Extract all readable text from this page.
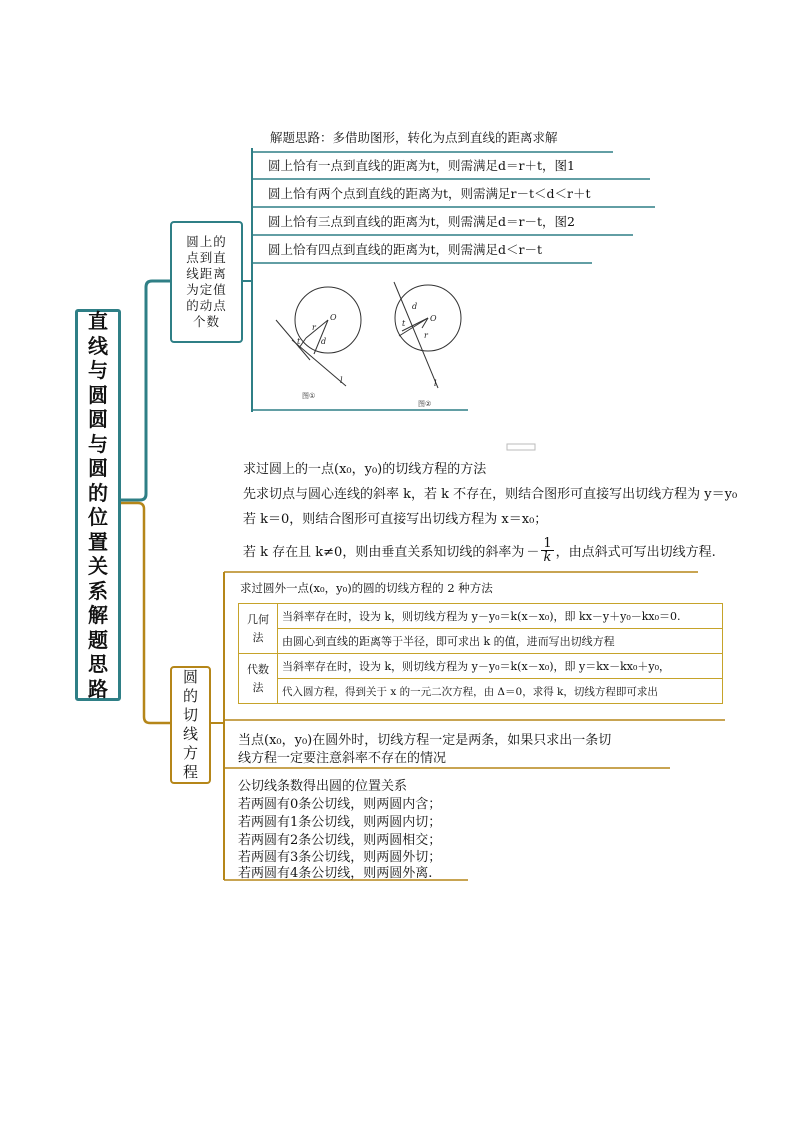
直
线
与
圆
圆
与
圆
的
位
置
关
系
解
题
思
路
圆上的
点到直
线距离
为定值
的动点
个数
解题思路：多借助图形，转化为点到直线的距离求解
圆上恰有一点到直线的距离为t，则需满足d＝r＋t，图1
圆上恰有两个点到直线的距离为t，则需满足r－t＜d＜r＋t
圆上恰有三点到直线的距离为t，则需满足d＝r－t，图2
圆上恰有四点到直线的距离为t，则需满足d＜r－t
O
r
d
t
l
O
d
t
r
l
图①
图②
求过圆上的一点(x₀，y₀)的切线方程的方法
先求切点与圆心连线的斜率 k，若 k 不存在，则结合图形可直接写出切线方程为 y＝y₀
若 k＝0，则结合图形可直接写出切线方程为 x＝x₀；
若 k 存在且 k≠0，则由垂直关系知切线的斜率为 － $\frac{1}{k}$ ，由点斜式可写出切线方程.
圆
的
切
线
方
程
求过圆外一点(x₀，y₀)的圆的切线方程的 2 种方法
几何
法	当斜率存在时，设为 k，则切线方程为 y－y₀＝k(x－x₀)，即 kx－y＋y₀－kx₀＝0.
	由圆心到直线的距离等于半径，即可求出 k 的值，进而写出切线方程

代数
法	当斜率存在时，设为 k，则切线方程为 y－y₀＝k(x－x₀)，即 y＝kx－kx₀＋y₀，
	代入圆方程，得到关于 x 的一元二次方程，由 Δ＝0，求得 k，切线方程即可求出
当点(x₀，y₀)在圆外时，切线方程一定是两条，如果只求出一条切
线方程一定要注意斜率不存在的情况
公切线条数得出圆的位置关系
若两圆有0条公切线，则两圆内含；
若两圆有1条公切线，则两圆内切；
若两圆有2条公切线，则两圆相交；
若两圆有3条公切线，则两圆外切；
若两圆有4条公切线，则两圆外离.
